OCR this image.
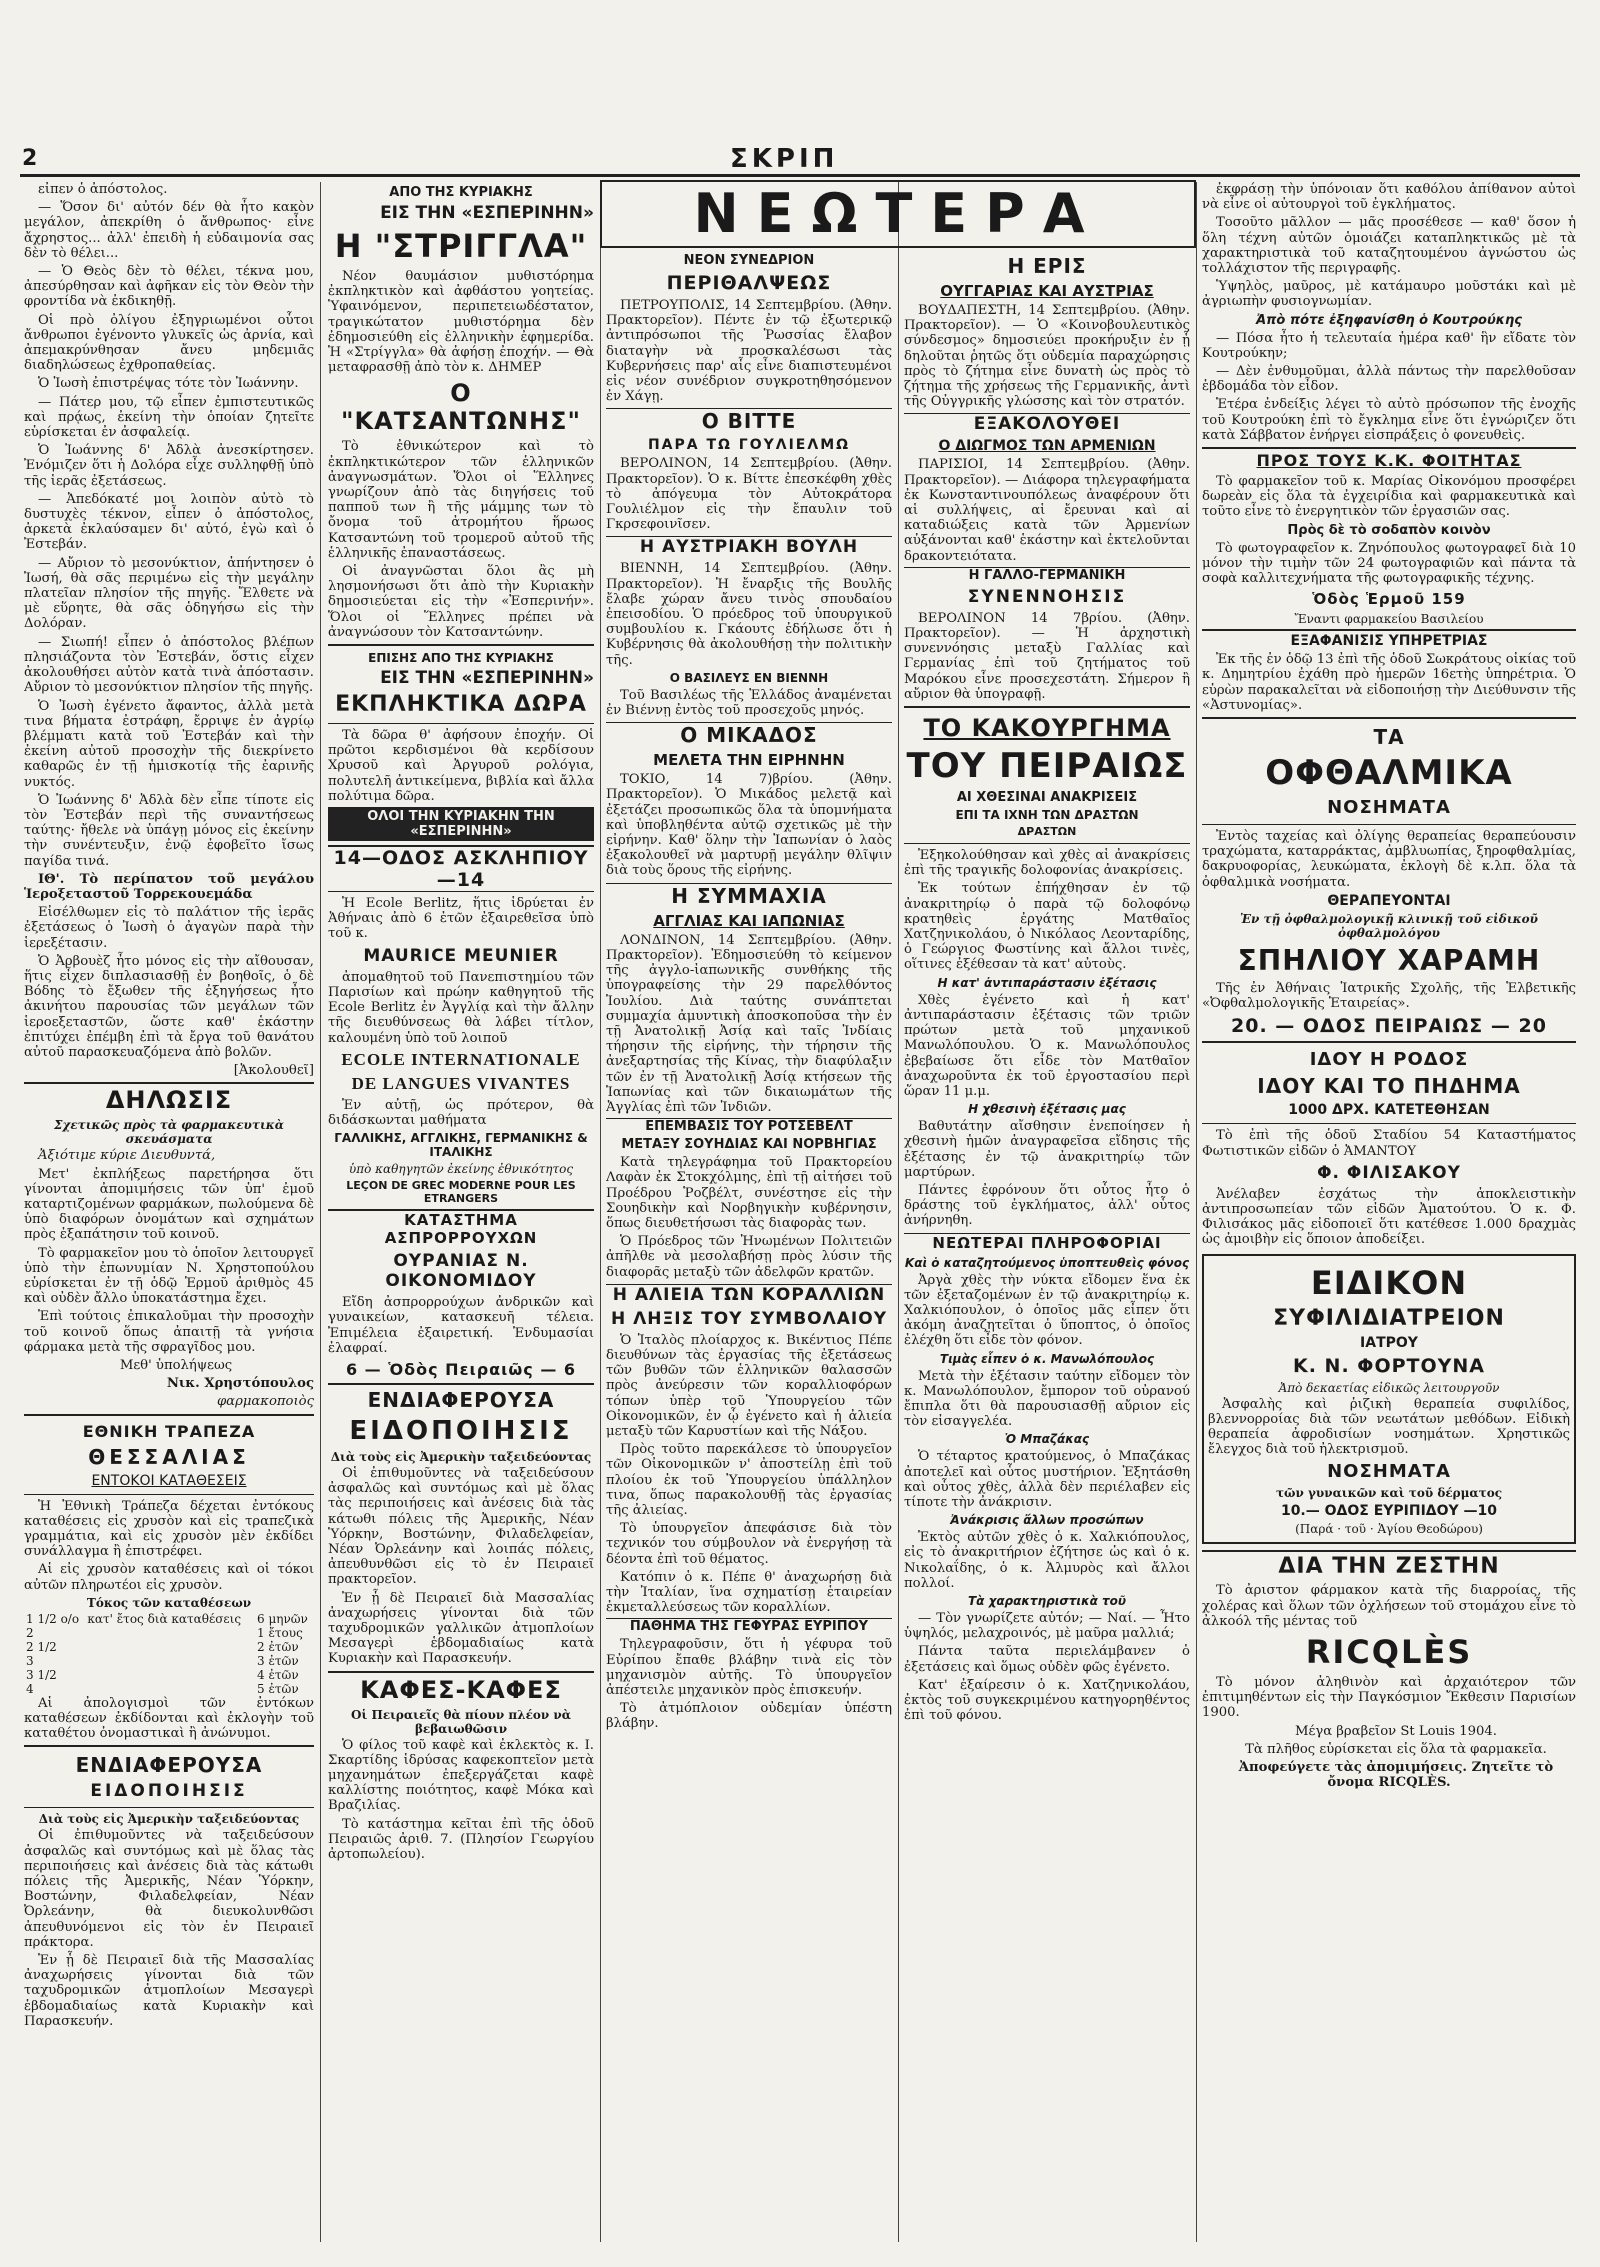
2	ΣΚΡΙΠ

εἶπεν ὁ ἀπόστολος.

— Ὅσον δι' αὐτόν δέν θὰ ἦτο κακὸν μεγάλον, ἀπεκρίθη ὁ ἄνθρωπος· εἶνε ἄχρηστος... ἀλλ' ἐπειδὴ ἡ εὐδαιμονία σας δὲν τὸ θέλει...

— Ὁ Θεὸς δὲν τὸ θέλει, τέκνα μου, ἀπεσύρθησαν καὶ ἀφῆκαν εἰς τὸν Θεὸν τὴν φροντίδα νὰ ἐκδικηθῇ.

Οἱ πρὸ ὀλίγου ἐξηγριωμένοι οὗτοι ἄνθρωποι ἐγένοντο γλυκεῖς ὡς ἀρνία, καὶ ἀπεμακρύνθησαν ἄνευ μηδεμιᾶς διαδηλώσεως ἐχθροπαθείας.

Ὁ Ἰωσὴ ἐπιστρέψας τότε τὸν Ἰωάννην.

— Πάτερ μου, τῷ εἶπεν ἐμπιστευτικῶς καὶ πρᾴως, ἐκείνη τὴν ὁποίαν ζητεῖτε εὑρίσκεται ἐν ἀσφαλείᾳ.

Ὁ Ἰωάννης δ' Ἀδλὰ ἀνεσκίρτησεν. Ἐνόμιζεν ὅτι ἡ Δολόρα εἶχε συλληφθῇ ὑπὸ τῆς ἱερᾶς ἐξετάσεως.

— Ἀπεδόκατέ μοι λοιπὸν αὐτὸ τὸ δυστυχὲς τέκνον, εἶπεν ὁ ἀπόστολος, ἀρκετὰ ἐκλαύσαμεν δι' αὐτό, ἐγὼ καὶ ὁ Ἐστεβάν.

— Αὔριον τὸ μεσονύκτιον, ἀπήντησεν ὁ Ἰωσή, θὰ σᾶς περιμένω εἰς τὴν μεγάλην πλατεῖαν πλησίον τῆς πηγῆς. Ἔλθετε νὰ μὲ εὕρητε, θὰ σᾶς ὁδηγήσω εἰς τὴν Δολόραν.

— Σιωπή! εἶπεν ὁ ἀπόστολος βλέπων πλησιάζοντα τὸν Ἐστεβάν, ὅστις εἶχεν ἀκολουθήσει αὐτὸν κατὰ τινὰ ἀπόστασιν. Αὔριον τὸ μεσονύκτιον πλησίον τῆς πηγῆς.

Ὁ Ἰωσὴ ἐγένετο ἄφαντος, ἀλλὰ μετὰ τινα βήματα ἐστράφη, ἔρριψε ἐν ἀγρίῳ βλέμματι κατὰ τοῦ Ἐστεβάν καὶ τὴν ἐκείνη αὐτοῦ προσοχὴν τῆς διεκρίνετο καθαρῶς ἐν τῇ ἡμισκοτίᾳ τῆς ἐαρινῆς νυκτός.

Ὁ Ἰωάννης δ' Ἀδλὰ δὲν εἶπε τίποτε εἰς τὸν Ἐστεβάν περὶ τῆς συναντήσεως ταύτης· ἤθελε νὰ ὑπάγῃ μόνος εἰς ἐκείνην τὴν συνέντευξιν, ἐνῷ ἐφοβεῖτο ἴσως παγίδα τινά.

ΙΘ'. Τὸ περίπατον τοῦ μεγάλου Ἱεροξεταστοῦ Τορρεκουεμάδα

Εἰσέλθωμεν εἰς τὸ παλάτιον τῆς ἱερᾶς ἐξετάσεως ὁ Ἰωσὴ ὁ ἀγαγὼν παρὰ τὴν ἱερεξέτασιν.

Ὁ Ἀρβουὲζ ἦτο μόνος εἰς τὴν αἴθουσαν, ἥτις εἶχεν διπλασιασθῇ ἐν βοηθοῖς, ὁ δὲ Βόδης τὸ ἔξωθεν τῆς ἐξηγήσεως ἦτο ἀκινήτου παρουσίας τῶν μεγάλων τῶν ἱεροεξεταστῶν, ὥστε καθ' ἑκάστην ἐπιτύχει ἐπέμβη ἐπὶ τὰ ἔργα τοῦ θανάτου αὐτοῦ παρασκευαζόμενα ἀπὸ βολῶν.

[Ἀκολουθεῖ]

ΔΗΛΩΣΙΣ
Σχετικῶς πρὸς τὰ φαρμακευτικὰ σκευάσματα

Ἀξιότιμε κύριε Διευθυντά,

Μετ' ἐκπλήξεως παρετήρησα ὅτι γίνονται ἀπομιμήσεις τῶν ὑπ' ἐμοῦ καταρτιζομένων φαρμάκων, πωλούμενα δὲ ὑπὸ διαφόρων ὀνομάτων καὶ σχημάτων πρὸς ἐξαπάτησιν τοῦ κοινοῦ.

Τὸ φαρμακεῖον μου τὸ ὁποῖον λειτουργεῖ ὑπὸ τὴν ἐπωνυμίαν Ν. Χρηστοπούλου εὑρίσκεται ἐν τῇ ὁδῷ Ἑρμοῦ ἀριθμὸς 45 καὶ οὐδὲν ἄλλο ὑποκατάστημα ἔχει.

Ἐπὶ τούτοις ἐπικαλοῦμαι τὴν προσοχὴν τοῦ κοινοῦ ὅπως ἀπαιτῇ τὰ γνήσια φάρμακα μετὰ τῆς σφραγῖδος μου.

Μεθ' ὑπολήψεως

Νικ. Χρηστόπουλος

φαρμακοποιὸς

ΕΘΝΙΚΗ ΤΡΑΠΕΖΑ
ΘΕΣΣΑΛΙΑΣ
ΕΝΤΟΚΟΙ ΚΑΤΑΘΕΣΕΙΣ

Ἡ Ἐθνικὴ Τράπεζα δέχεται ἐντόκους καταθέσεις εἰς χρυσὸν καὶ εἰς τραπεζικὰ γραμμάτια, καὶ εἰς χρυσὸν μὲν ἐκδίδει συνάλλαγμα ἢ ἐπιστρέφει.

Αἱ εἰς χρυσὸν καταθέσεις καὶ οἱ τόκοι αὐτῶν πληρωτέοι εἰς χρυσὸν.

Τόκος τῶν καταθέσεων
1 1/2 ο/ο	κατ' ἔτος διὰ καταθέσεις	6 μηνῶν
2		1 ἔτους
2 1/2		2 ἐτῶν
3		3 ἐτῶν
3 1/2		4 ἐτῶν
4		5 ἐτῶν

Αἱ ἀπολογισμοὶ τῶν ἐντόκων καταθέσεων ἐκδίδονται καὶ ἐκλογὴν τοῦ καταθέτου ὀνομαστικαὶ ἢ ἀνώνυμοι.

ΕΝΔΙΑΦΕΡΟΥΣΑ
ΕΙΔΟΠΟΙΗΣΙΣ
Διὰ τοὺς εἰς Ἀμερικὴν ταξειδεύοντας

Οἱ ἐπιθυμοῦντες νὰ ταξειδεύσουν ἀσφαλῶς καὶ συντόμως καὶ μὲ ὅλας τὰς περιποιήσεις καὶ ἀνέσεις διὰ τὰς κάτωθι πόλεις τῆς Ἀμερικῆς, Νέαν Ὑόρκην, Βοστώνην, Φιλαδελφείαν, Νέαν Ὀρλεάνην, θὰ διευκολυνθῶσι ἀπευθυνόμενοι εἰς τὸν ἐν Πειραιεῖ πράκτορα.

Ἐν ᾗ δὲ Πειραιεῖ διὰ τῆς Μασσαλίας ἀναχωρήσεις γίνονται διὰ τῶν ταχυδρομικῶν ἀτμοπλοίων Μεσαγερὶ ἑβδομαδιαίως κατὰ Κυριακὴν καὶ Παρασκευήν.

ΑΠΟ ΤΗΣ ΚΥΡΙΑΚΗΣ
ΕΙΣ ΤΗΝ «ΕΣΠΕΡΙΝΗΝ»
Η "ΣΤΡΙΓΓΛΑ"

Νέον θαυμάσιον μυθιστόρημα ἐκπληκτικὸν καὶ ἀφθάστου γοητείας. Ὑφαινόμενον, περιπετειωδέστατον, τραγικώτατον μυθιστόρημα δὲν ἐδημοσιεύθη εἰς ἑλληνικὴν ἐφημερίδα. Ἡ «Στρίγγλα» θὰ ἀφήσῃ ἐποχήν. — Θὰ μεταφρασθῇ ἀπὸ τὸν κ. ΔΗΜΕΡ

Ο "ΚΑΤΣΑΝΤΩΝΗΣ"

Τὸ ἐθνικώτερον καὶ τὸ ἐκπληκτικώτερον τῶν ἑλληνικῶν ἀναγνωσμάτων. Ὅλοι οἱ Ἕλληνες γνωρίζουν ἀπὸ τὰς διηγήσεις τοῦ παπποῦ των ἢ τῆς μάμμης των τὸ ὄνομα τοῦ ἀτρομήτου ἥρωος Κατσαντώνη τοῦ τρομεροῦ αὐτοῦ τῆς ἑλληνικῆς ἐπαναστάσεως.

Οἱ ἀναγνῶσται ὅλοι ἂς μὴ λησμονήσωσι ὅτι ἀπὸ τὴν Κυριακὴν δημοσιεύεται εἰς τὴν «Ἑσπερινήν». Ὅλοι οἱ Ἕλληνες πρέπει νὰ ἀναγνώσουν τὸν Κατσαντώνην.

ΕΠΙΣΗΣ ΑΠΟ ΤΗΣ ΚΥΡΙΑΚΗΣ
ΕΙΣ ΤΗΝ «ΕΣΠΕΡΙΝΗΝ»
ΕΚΠΛΗΚΤΙΚΑ ΔΩΡΑ

Τὰ δῶρα θ' ἀφήσουν ἐποχήν. Οἱ πρῶτοι κερδισμένοι θὰ κερδίσουν Χρυσοῦ καὶ Ἀργυροῦ ρολόγια, πολυτελῆ ἀντικείμενα, βιβλία καὶ ἄλλα πολύτιμα δῶρα.

ΟΛΟΙ ΤΗΝ ΚΥΡΙΑΚΗΝ ΤΗΝ «ΕΣΠΕΡΙΝΗΝ»
14—ΟΔΟΣ ΑΣΚΛΗΠΙΟΥ—14

Ἡ Ecole Berlitz, ἥτις ἱδρύεται ἐν Ἀθήναις ἀπὸ 6 ἐτῶν ἐξαιρεθεῖσα ὑπὸ τοῦ κ.

MAURICE MEUNIER

ἀπομαθητοῦ τοῦ Πανεπιστημίου τῶν Παρισίων καὶ πρώην καθηγητοῦ τῆς Ecole Berlitz ἐν Ἀγγλίᾳ καὶ τὴν ἄλλην τῆς διευθύνσεως θὰ λάβει τίτλον, καλουμένη ὑπὸ τοῦ λοιποῦ

ECOLE INTERNATIONALE
DE LANGUES VIVANTES

Ἐν αὐτῇ, ὡς πρότερον, θὰ διδάσκωνται μαθήματα

ΓΑΛΛΙΚΗΣ, ΑΓΓΛΙΚΗΣ, ΓΕΡΜΑΝΙΚΗΣ & ΙΤΑΛΙΚΗΣ
ὑπὸ καθηγητῶν ἐκείνης ἐθνικότητος
LEÇON DE GREC MODERNE POUR LES ETRANGERS
ΚΑΤΑΣΤΗΜΑ ΑΣΠΡΟΡΡΟΥΧΩΝ
ΟΥΡΑΝΙΑΣ Ν. ΟΙΚΟΝΟΜΙΔΟΥ

Εἴδη ἀσπρορρούχων ἀνδρικῶν καὶ γυναικείων, κατασκευῆ τέλεια. Ἐπιμέλεια ἐξαιρετική. Ἐνδυμασίαι ἐλαφραί.

6 — Ὁδὸς Πειραιῶς — 6
ΕΝΔΙΑΦΕΡΟΥΣΑ
ΕΙΔΟΠΟΙΗΣΙΣ
Διὰ τοὺς εἰς Ἀμερικὴν ταξειδεύοντας

Οἱ ἐπιθυμοῦντες νὰ ταξειδεύσουν ἀσφαλῶς καὶ συντόμως καὶ μὲ ὅλας τὰς περιποιήσεις καὶ ἀνέσεις διὰ τὰς κάτωθι πόλεις τῆς Ἀμερικῆς, Νέαν Ὑόρκην, Βοστώνην, Φιλαδελφείαν, Νέαν Ὀρλεάνην καὶ λοιπάς πόλεις, ἀπευθυνθῶσι εἰς τὸ ἐν Πειραιεῖ πρακτορεῖον.

Ἐν ᾗ δὲ Πειραιεῖ διὰ Μασσαλίας ἀναχωρήσεις γίνονται διὰ τῶν ταχυδρομικῶν γαλλικῶν ἀτμοπλοίων Μεσαγερὶ ἑβδομαδιαίως κατὰ Κυριακὴν καὶ Παρασκευήν.

ΚΑΦΕΣ-ΚΑΦΕΣ
Οἱ Πειραιεῖς θὰ πίουν πλέον νὰ βεβαιωθῶσιν

Ὁ φίλος τοῦ καφὲ καὶ ἐκλεκτὸς κ. Ι. Σκαρτίδης ἱδρύσας καφεκοπτεῖον μετὰ μηχανημάτων ἐπεξεργάζεται καφὲ καλλίστης ποιότητος, καφὲ Μόκα καὶ Βραζιλίας.

Τὸ κατάστημα κεῖται ἐπὶ τῆς ὁδοῦ Πειραιῶς ἀριθ. 7. (Πλησίον Γεωργίου ἀρτοπωλείου).

ΝΕΩΤΕΡΑ
ΝΕΟΝ ΣΥΝΕΔΡΙΟΝ
ΠΕΡΙΘΑΛΨΕΩΣ

ΠΕΤΡΟΥΠΟΛΙΣ, 14 Σεπτεμβρίου. (Ἀθην. Πρακτορεῖον). Πέντε ἐν τῷ ἐξωτερικῷ ἀντιπρόσωποι τῆς Ῥωσσίας ἔλαβον διαταγὴν νὰ προσκαλέσωσι τὰς Κυβερνήσεις παρ' αἷς εἶνε διαπιστευμένοι εἰς νέον συνέδριον συγκροτηθησόμενον ἐν Χάγῃ.

Ο ΒΙΤΤΕ
ΠΑΡΑ ΤΩ ΓΟΥΛΙΕΛΜΩ

ΒΕΡΟΛΙΝΟΝ, 14 Σεπτεμβρίου. (Ἀθην. Πρακτορεῖον). Ὁ κ. Βίττε ἐπεσκέφθη χθὲς τὸ ἀπόγευμα τὸν Αὐτοκράτορα Γουλιέλμον εἰς τὴν ἔπαυλιν τοῦ Γκρσεφοινῖσεν.

Η ΑΥΣΤΡΙΑΚΗ ΒΟΥΛΗ

ΒΙΕΝΝΗ, 14 Σεπτεμβρίου. (Ἀθην. Πρακτορεῖον). Ἡ ἔναρξις τῆς Βουλῆς ἔλαβε χώραν ἄνευ τινὸς σπουδαίου ἐπεισοδίου. Ὁ πρόεδρος τοῦ ὑπουργικοῦ συμβουλίου κ. Γκάουτς ἐδήλωσε ὅτι ἡ Κυβέρνησις θὰ ἀκολουθήσῃ τὴν πολιτικὴν τῆς.

Ο ΒΑΣΙΛΕΥΣ ΕΝ ΒΙΕΝΝΗ

Τοῦ Βασιλέως τῆς Ἑλλάδος ἀναμένεται ἐν Βιέννῃ ἐντὸς τοῦ προσεχοῦς μηνός.

Ο ΜΙΚΑΔΟΣ
ΜΕΛΕΤΑ ΤΗΝ ΕΙΡΗΝΗΝ

ΤΟΚΙΟ, 14 7)βρίου. (Ἀθην. Πρακτορεῖον). Ὁ Μικάδος μελετᾷ καὶ ἐξετάζει προσωπικῶς ὅλα τὰ ὑπομνήματα καὶ ὑποβληθέντα αὐτῷ σχετικῶς μὲ τὴν εἰρήνην. Καθ' ὅλην τὴν Ἰαπωνίαν ὁ λαὸς ἐξακολουθεῖ νὰ μαρτυρῇ μεγάλην θλῖψιν διὰ τοὺς ὅρους τῆς εἰρήνης.

Η ΣΥΜΜΑΧΙΑ
ΑΓΓΛΙΑΣ ΚΑΙ ΙΑΠΩΝΙΑΣ

ΛΟΝΔΙΝΟΝ, 14 Σεπτεμβρίου. (Ἀθην. Πρακτορεῖον). Ἐδημοσιεύθη τὸ κείμενον τῆς ἀγγλο-ἰαπωνικῆς συνθήκης τῆς ὑπογραφείσης τὴν 29 παρελθόντος Ἰουλίου. Διὰ ταύτης συνάπτεται συμμαχία ἀμυντικὴ ἀποσκοποῦσα τὴν ἐν τῇ Ἀνατολικῇ Ἀσίᾳ καὶ ταῖς Ἰνδίαις τήρησιν τῆς εἰρήνης, τὴν τήρησιν τῆς ἀνεξαρτησίας τῆς Κίνας, τὴν διαφύλαξιν τῶν ἐν τῇ Ἀνατολικῇ Ἀσίᾳ κτήσεων τῆς Ἰαπωνίας καὶ τῶν δικαιωμάτων τῆς Ἀγγλίας ἐπὶ τῶν Ἰνδιῶν.

ΕΠΕΜΒΑΣΙΣ ΤΟΥ ΡΟΤΣΕΒΕΛΤ
ΜΕΤΑΞΥ ΣΟΥΗΔΙΑΣ ΚΑΙ ΝΟΡΒΗΓΙΑΣ

Κατὰ τηλεγράφημα τοῦ Πρακτορείου Λαφὰν ἐκ Στοκχόλμης, ἐπὶ τῇ αἰτήσει τοῦ Προέδρου Ῥοζβέλτ, συνέστησε εἰς τὴν Σουηδικὴν καὶ Νορβηγικὴν κυβέρνησιν, ὅπως διευθετήσωσι τὰς διαφορὰς των.

Ὁ Πρόεδρος τῶν Ἡνωμένων Πολιτειῶν ἀπῆλθε νὰ μεσολαβήσῃ πρὸς λύσιν τῆς διαφορᾶς μεταξὺ τῶν ἀδελφῶν κρατῶν.

Η ΑΛΙΕΙΑ ΤΩΝ ΚΟΡΑΛΛΙΩΝ
Η ΛΗΞΙΣ ΤΟΥ ΣΥΜΒΟΛΑΙΟΥ

Ὁ Ἰταλὸς πλοίαρχος κ. Βικέντιος Πέπε διευθύνων τὰς ἐργασίας τῆς ἐξετάσεως τῶν βυθῶν τῶν ἑλληνικῶν θαλασσῶν πρὸς ἀνεύρεσιν τῶν κοραλλιοφόρων τόπων ὑπὲρ τοῦ Ὑπουργείου τῶν Οἰκονομικῶν, ἐν ᾧ ἐγένετο καὶ ἡ ἀλιεία μεταξὺ τῶν Καρυστίων καὶ τῆς Νάξου.

Πρὸς τοῦτο παρεκάλεσε τὸ ὑπουργεῖον τῶν Οἰκονομικῶν ν' ἀποστείλῃ ἐπὶ τοῦ πλοίου ἐκ τοῦ Ὑπουργείου ὑπάλληλον τινα, ὅπως παρακολουθῇ τὰς ἐργασίας τῆς ἀλιείας.

Τὸ ὑπουργεῖον ἀπεφάσισε διὰ τὸν τεχνικόν του σύμβουλον νὰ ἐνεργήσῃ τὰ δέοντα ἐπὶ τοῦ θέματος.

Κατόπιν ὁ κ. Πέπε θ' ἀναχωρήσῃ διὰ τὴν Ἰταλίαν, ἵνα σχηματίσῃ ἑταιρείαν ἐκμεταλλεύσεως τῶν κοραλλίων.

ΠΑΘΗΜΑ ΤΗΣ ΓΕΦΥΡΑΣ ΕΥΡΙΠΟΥ

Τηλεγραφοῦσιν, ὅτι ἡ γέφυρα τοῦ Εὐρίπου ἔπαθε βλάβην τινὰ εἰς τὸν μηχανισμὸν αὐτῆς. Τὸ ὑπουργεῖον ἀπέστειλε μηχανικὸν πρὸς ἐπισκευήν.

Τὸ ἀτμόπλοιον οὐδεμίαν ὑπέστη βλάβην.

Η ΕΡΙΣ
ΟΥΓΓΑΡΙΑΣ ΚΑΙ ΑΥΣΤΡΙΑΣ

ΒΟΥΔΑΠΕΣΤΗ, 14 Σεπτεμβρίου. (Ἀθην. Πρακτορεῖον). — Ὁ «Κοινοβουλευτικὸς σύνδεσμος» δημοσιεύει προκήρυξιν ἐν ᾗ δηλοῦται ῥητῶς ὅτι οὐδεμία παραχώρησις πρὸς τὸ ζήτημα εἶνε δυνατὴ ὡς πρὸς τὸ ζήτημα τῆς χρήσεως τῆς Γερμανικῆς, ἀντὶ τῆς Οὐγγρικῆς γλώσσης καὶ τὸν στρατόν.

ΕΞΑΚΟΛΟΥΘΕΙ
Ο ΔΙΩΓΜΟΣ ΤΩΝ ΑΡΜΕΝΙΩΝ

ΠΑΡΙΣΙΟΙ, 14 Σεπτεμβρίου. (Ἀθην. Πρακτορεῖον). — Διάφορα τηλεγραφήματα ἐκ Κωνσταντινουπόλεως ἀναφέρουν ὅτι αἱ συλλήψεις, αἱ ἔρευναι καὶ αἱ καταδιώξεις κατὰ τῶν Ἀρμενίων αὐξάνονται καθ' ἑκάστην καὶ ἐκτελοῦνται δρακοντειότατα.

Η ΓΑΛΛΟ-ΓΕΡΜΑΝΙΚΗ
ΣΥΝΕΝΝΟΗΣΙΣ

ΒΕΡΟΛΙΝΟΝ 14 7βρίου. (Ἀθην. Πρακτορεῖον). — Ἡ ἀρχηστικὴ συνεννόησις μεταξὺ Γαλλίας καὶ Γερμανίας ἐπὶ τοῦ ζητήματος τοῦ Μαρόκου εἶνε προσεχεστάτη. Σήμερον ἢ αὔριον θὰ ὑπογραφῇ.

ΤΟ ΚΑΚΟΥΡΓΗΜΑ
ΤΟΥ ΠΕΙΡΑΙΩΣ
ΑΙ ΧΘΕΣΙΝΑΙ ΑΝΑΚΡΙΣΕΙΣ
ΕΠΙ ΤΑ ΙΧΝΗ ΤΩΝ ΔΡΑΣΤΩΝ
ΔΡΑΣΤΩΝ

Ἐξηκολούθησαν καὶ χθὲς αἱ ἀνακρίσεις ἐπὶ τῆς τραγικῆς δολοφονίας ἀνακρίσεις.

Ἐκ τούτων ἐπήχθησαν ἐν τῷ ἀνακριτηρίῳ ὁ παρὰ τῷ δολοφόνῳ κρατηθεὶς ἐργάτης Ματθαῖος Χατζηνικολάου, ὁ Νικόλαος Λεονταρίδης, ὁ Γεώργιος Φωστίνης καὶ ἄλλοι τινὲς, οἵτινες ἐξέθεσαν τὰ κατ' αὐτοὺς.

Η κατ' ἀντιπαράστασιν ἐξέτασις

Χθὲς ἐγένετο καὶ ἡ κατ' ἀντιπαράστασιν ἐξέτασις τῶν τριῶν πρώτων μετὰ τοῦ μηχανικοῦ Μανωλόπουλου. Ὁ κ. Μανωλόπουλος ἐβεβαίωσε ὅτι εἶδε τὸν Ματθαῖον ἀναχωροῦντα ἐκ τοῦ ἐργοστασίου περὶ ὥραν 11 μ.μ.

Η χθεσινὴ ἐξέτασις μας

Βαθυτάτην αἴσθησιν ἐνεποίησεν ἡ χθεσινὴ ἡμῶν ἀναγραφεῖσα εἴδησις τῆς ἐξέτασης ἐν τῷ ἀνακριτηρίῳ τῶν μαρτύρων.

Πάντες ἐφρόνουν ὅτι οὗτος ἦτο ὁ δράστης τοῦ ἐγκλήματος, ἀλλ' οὗτος ἀνήρνηθη.

ΝΕΩΤΕΡΑΙ ΠΛΗΡΟΦΟΡΙΑΙ
Καὶ ὁ καταζητούμενος ὑποπτευθεὶς φόνος

Ἀργὰ χθὲς τὴν νύκτα εἴδομεν ἕνα ἐκ τῶν ἐξεταζομένων ἐν τῷ ἀνακριτηρίῳ κ. Χαλκιόπουλον, ὁ ὁποῖος μᾶς εἶπεν ὅτι ἀκόμη ἀναζητεῖται ὁ ὕποπτος, ὁ ὁποῖος ἐλέχθη ὅτι εἶδε τὸν φόνον.

Τιμὰς εἶπεν ὁ κ. Μανωλόπουλος

Μετὰ τὴν ἐξέτασιν ταύτην εἴδομεν τὸν κ. Μανωλόπουλον, ἔμπορον τοῦ οὐρανού ἔπιπλα ὅτι θὰ παρουσιασθῇ αὔριον εἰς τὸν εἰσαγγελέα.

Ὁ Μπαζάκας

Ὁ τέταρτος κρατούμενος, ὁ Μπαζάκας ἀποτελεῖ καὶ οὗτος μυστήριον. Ἐξητάσθη καὶ οὗτος χθὲς, ἀλλὰ δὲν περιέλαβεν εἰς τίποτε τὴν ἀνάκρισιν.

Ἀνάκρισις ἄλλων προσώπων

Ἐκτὸς αὐτῶν χθὲς ὁ κ. Χαλκιόπουλος, εἰς τὸ ἀνακριτήριον ἐζήτησε ὡς καὶ ὁ κ. Νικολαΐδης, ὁ κ. Ἀλμυρὸς καὶ ἄλλοι πολλοί.

Τὰ χαρακτηριστικὰ τοῦ

— Τὸν γνωρίζετε αὐτόν; — Ναί. — Ἦτο ὑψηλός, μελαχροινός, μὲ μαῦρα μαλλιά;

Πάντα ταῦτα περιελάμβανεν ὁ ἐξετάσεις καὶ ὅμως οὐδὲν φῶς ἐγένετο.

Κατ' ἐξαίρεσιν ὁ κ. Χατζηνικολάου, ἐκτὸς τοῦ συγκεκριμένου κατηγορηθέντος ἐπὶ τοῦ φόνου.

ἐκφράσῃ τὴν ὑπόνοιαν ὅτι καθόλου ἀπίθανον αὐτοὶ νὰ εἶνε οἱ αὐτουργοὶ τοῦ ἐγκλήματος.

Τοσοῦτο μᾶλλον — μᾶς προσέθεσε — καθ' ὅσον ἡ ὅλη τέχνη αὐτῶν ὁμοιάζει καταπληκτικῶς μὲ τὰ χαρακτηριστικὰ τοῦ καταζητουμένου ἀγνώστου ὡς τολλάχιστον τῆς περιγραφῆς.

Ὑψηλὸς, μαῦρος, μὲ κατάμαυρο μοῦστάκι καὶ μὲ ἀγριωπὴν φυσιογνωμίαν.

Ἀπὸ πότε ἐξηφανίσθη ὁ Κουτρούκης

— Πόσα ἦτο ἡ τελευταία ἡμέρα καθ' ἣν εἴδατε τὸν Κουτρούκην;

— Δὲν ἐνθυμοῦμαι, ἀλλὰ πάντως τὴν παρελθοῦσαν ἑβδομάδα τὸν εἶδον.

Ἑτέρα ἐνδείξις λέγει τὸ αὐτὸ πρόσωπον τῆς ἐνοχῆς τοῦ Κουτρούκη ἐπὶ τὸ ἔγκλημα εἶνε ὅτι ἐγνώριζεν ὅτι κατὰ Σάββατον ἐνήργει εἰσπράξεις ὁ φονευθεὶς.

ΠΡΟΣ ΤΟΥΣ Κ.Κ. ΦΟΙΤΗΤΑΣ

Τὸ φαρμακεῖον τοῦ κ. Μαρίας Οἰκονόμου προσφέρει δωρεὰν εἰς ὅλα τὰ ἐγχειρίδια καὶ φαρμακευτικὰ καὶ τοῦτο εἶνε τὸ ἐνεργητικὸν τῶν ἐργασιῶν σας.

Πρὸς δὲ τὸ σοδαπὸν κοινὸν

Τὸ φωτογραφεῖον κ. Ζηνόπουλος φωτογραφεῖ διὰ 10 μόνον τὴν τιμὴν τῶν 24 φωτογραφιῶν καὶ πάντα τὰ σοφὰ καλλιτεχνήματα τῆς φωτογραφικῆς τέχνης.

Ὁδὸς Ἑρμοῦ 159
Ἔναντι φαρμακείου Βασιλείου
ΕΞΑΦΑΝΙΣΙΣ ΥΠΗΡΕΤΡΙΑΣ

Ἐκ τῆς ἐν ὁδῷ 13 ἐπὶ τῆς ὁδοῦ Σωκράτους οἰκίας τοῦ κ. Δημητρίου ἐχάθη πρὸ ἡμερῶν 16ετὴς ὑπηρέτρια. Ὁ εὑρὼν παρακαλεῖται νὰ εἰδοποιήσῃ τὴν Διεύθυνσιν τῆς «Ἀστυνομίας».

ΤΑ
ΟΦΘΑΛΜΙΚΑ
ΝΟΣΗΜΑΤΑ

Ἐντὸς ταχείας καὶ ὀλίγης θεραπείας θεραπεύουσιν τραχώματα, καταρράκτας, ἀμβλυωπίας, ξηροφθαλμίας, δακρυοφορίας, λευκώματα, ἐκλογὴ δὲ κ.λπ. ὅλα τὰ ὀφθαλμικὰ νοσήματα.

ΘΕΡΑΠΕΥΟΝΤΑΙ
Ἐν τῇ ὀφθαλμολογικῇ κλινικῇ τοῦ εἰδικοῦ ὀφθαλμολόγου
ΣΠΗΛΙΟΥ ΧΑΡΑΜΗ

Τῆς ἐν Ἀθήναις Ἰατρικῆς Σχολῆς, τῆς Ἑλβετικῆς «Ὀφθαλμολογικῆς Ἑταιρείας».

20. — ΟΔΟΣ ΠΕΙΡΑΙΩΣ — 20
ΙΔΟΥ Η ΡΟΔΟΣ
ΙΔΟΥ ΚΑΙ ΤΟ ΠΗΔΗΜΑ
1000 ΔΡΧ. ΚΑΤΕΤΕΘΗΣΑΝ

Τὸ ἐπὶ τῆς ὁδοῦ Σταδίου 54 Καταστήματος Φωτιστικῶν εἰδῶν ὁ ἈΜΑΝΤΟΥ

Φ. ΦΙΛΙΣΑΚΟΥ

Ἀνέλαβεν ἐσχάτως τὴν ἀποκλειστικὴν ἀντιπροσωπείαν τῶν εἰδῶν Ἀματούτου. Ὁ κ. Φ. Φιλισάκος μᾶς εἰδοποιεῖ ὅτι κατέθεσε 1.000 δραχμὰς ὡς ἀμοιβὴν εἰς ὅποιον ἀποδείξει.

ΕΙΔΙΚΟΝ
ΣΥΦΙΛΙΔΙΑΤΡΕΙΟΝ
ΙΑΤΡΟΥ
Κ. Ν. ΦΟΡΤΟΥΝΑ
Ἀπὸ δεκαετίας εἰδικῶς λειτουργοῦν

Ἀσφαλὴς καὶ ῥιζικὴ θεραπεία συφιλίδος, βλεννορροίας διὰ τῶν νεωτάτων μεθόδων. Εἰδικὴ θεραπεία ἀφροδισίων νοσημάτων. Χρηστικῶς ἔλεγχος διὰ τοῦ ἠλεκτρισμοῦ.

ΝΟΣΗΜΑΤΑ
τῶν γυναικῶν καὶ τοῦ δέρματος
10.— ΟΔΟΣ ΕΥΡΙΠΙΔΟΥ —10
(Παρά · τοῦ · Ἁγίου Θεοδώρου)
ΔΙΑ ΤΗΝ ΖΕΣΤΗΝ

Τὸ ἀριστον φάρμακον κατὰ τῆς διαρροίας, τῆς χολέρας καὶ ὅλων τῶν ὀχλήσεων τοῦ στομάχου εἶνε τὸ ἀλκοόλ τῆς μέντας τοῦ

RICQLÈS

Τὸ μόνον ἀληθινὸν καὶ ἀρχαιότερον τῶν ἐπιτιμηθέντων εἰς τὴν Παγκόσμιον Ἔκθεσιν Παρισίων 1900.

Μέγα βραβεῖον St Louis 1904.

Τὰ πλῆθος εὑρίσκεται εἰς ὅλα τὰ φαρμακεῖα.

Ἀποφεύγετε τὰς ἀπομιμήσεις. Ζητεῖτε τὸ ὄνομα RICQLÈS.
